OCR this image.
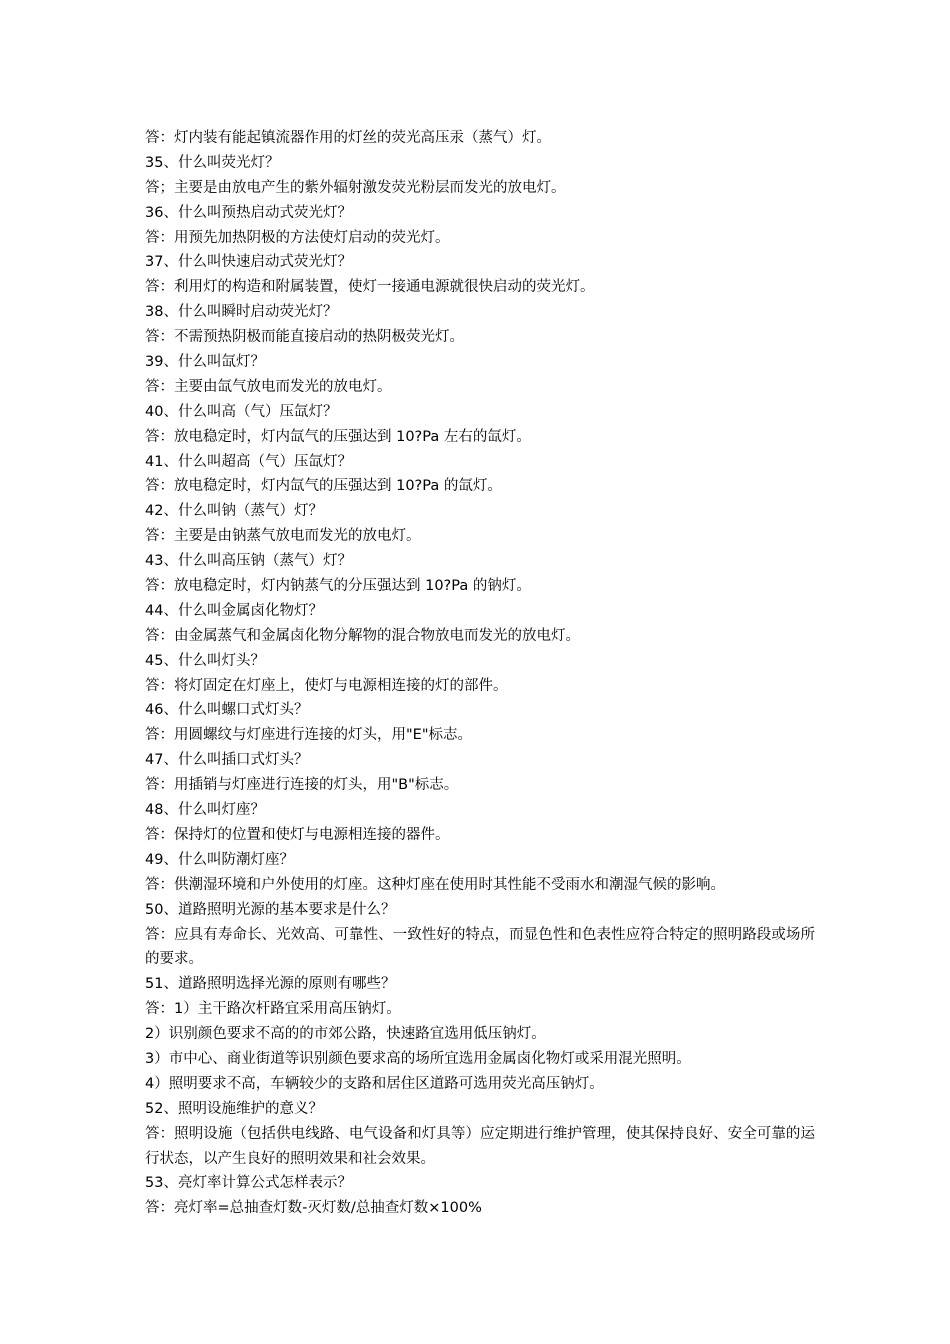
答：灯内装有能起镇流器作用的灯丝的荧光高压汞（蒸气）灯。
35、什么叫荧光灯？
答；主要是由放电产生的紫外辐射激发荧光粉层而发光的放电灯。
36、什么叫预热启动式荧光灯？
答：用预先加热阴极的方法使灯启动的荧光灯。
37、什么叫快速启动式荧光灯？
答：利用灯的构造和附属装置，使灯一接通电源就很快启动的荧光灯。
38、什么叫瞬时启动荧光灯？
答：不需预热阴极而能直接启动的热阴极荧光灯。
39、什么叫氙灯？
答：主要由氙气放电而发光的放电灯。
40、什么叫高（气）压氙灯？
答：放电稳定时，灯内氙气的压强达到 10?Pa 左右的氙灯。
41、什么叫超高（气）压氙灯？
答：放电稳定时，灯内氙气的压强达到 10?Pa 的氙灯。
42、什么叫钠（蒸气）灯？
答：主要是由钠蒸气放电而发光的放电灯。
43、什么叫高压钠（蒸气）灯？
答：放电稳定时，灯内钠蒸气的分压强达到 10?Pa 的钠灯。
44、什么叫金属卤化物灯？
答：由金属蒸气和金属卤化物分解物的混合物放电而发光的放电灯。
45、什么叫灯头？
答：将灯固定在灯座上，使灯与电源相连接的灯的部件。
46、什么叫螺口式灯头？
答：用圆螺纹与灯座进行连接的灯头，用"E"标志。
47、什么叫插口式灯头？
答：用插销与灯座进行连接的灯头，用"B"标志。
48、什么叫灯座？
答：保持灯的位置和使灯与电源相连接的器件。
49、什么叫防潮灯座？
答：供潮湿环境和户外使用的灯座。这种灯座在使用时其性能不受雨水和潮湿气候的影响。
50、道路照明光源的基本要求是什么？
答：应具有寿命长、光效高、可靠性、一致性好的特点，而显色性和色表性应符合特定的照明路段或场所的要求。
51、道路照明选择光源的原则有哪些？
答：1）主干路次杆路宜采用高压钠灯。
2）识别颜色要求不高的的市郊公路，快速路宜选用低压钠灯。
3）市中心、商业街道等识别颜色要求高的场所宜选用金属卤化物灯或采用混光照明。
4）照明要求不高，车辆较少的支路和居住区道路可选用荧光高压钠灯。
52、照明设施维护的意义？
答：照明设施（包括供电线路、电气设备和灯具等）应定期进行维护管理，使其保持良好、安全可靠的运行状态，以产生良好的照明效果和社会效果。
53、亮灯率计算公式怎样表示？
答：亮灯率=总抽查灯数-灭灯数/总抽查灯数×100%
